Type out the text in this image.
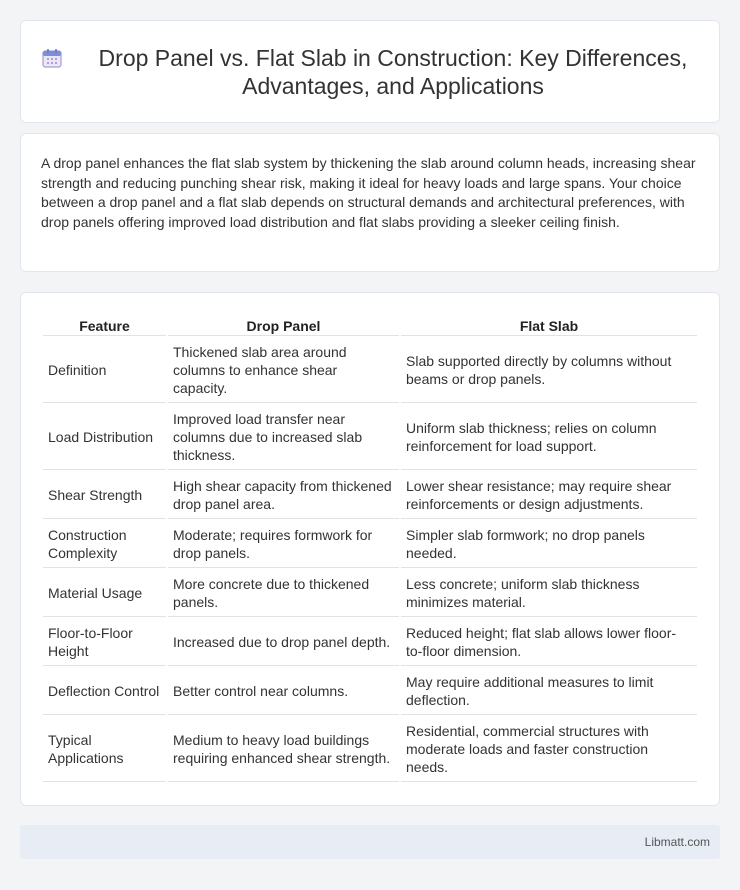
Drop Panel vs. Flat Slab in Construction: Key Differences, Advantages, and Applications

A drop panel enhances the flat slab system by thickening the slab around column heads, increasing shear strength and reducing punching shear risk, making it ideal for heavy loads and large spans. Your choice between a drop panel and a flat slab depends on structural demands and architectural preferences, with drop panels offering improved load distribution and flat slabs providing a sleeker ceiling finish.

Feature	Drop Panel	Flat Slab
Definition	Thickened slab area around columns to enhance shear capacity.	Slab supported directly by columns without beams or drop panels.
Load Distribution	Improved load transfer near columns due to increased slab thickness.	Uniform slab thickness; relies on column reinforcement for load support.
Shear Strength	High shear capacity from thickened drop panel area.	Lower shear resistance; may require shear reinforcements or design adjustments.
Construction Complexity	Moderate; requires formwork for drop panels.	Simpler slab formwork; no drop panels needed.
Material Usage	More concrete due to thickened panels.	Less concrete; uniform slab thickness minimizes material.
Floor-to-Floor Height	Increased due to drop panel depth.	Reduced height; flat slab allows lower floor-to-floor dimension.
Deflection Control	Better control near columns.	May require additional measures to limit deflection.
Typical Applications	Medium to heavy load buildings requiring enhanced shear strength.	Residential, commercial structures with moderate loads and faster construction needs.
Libmatt.com
